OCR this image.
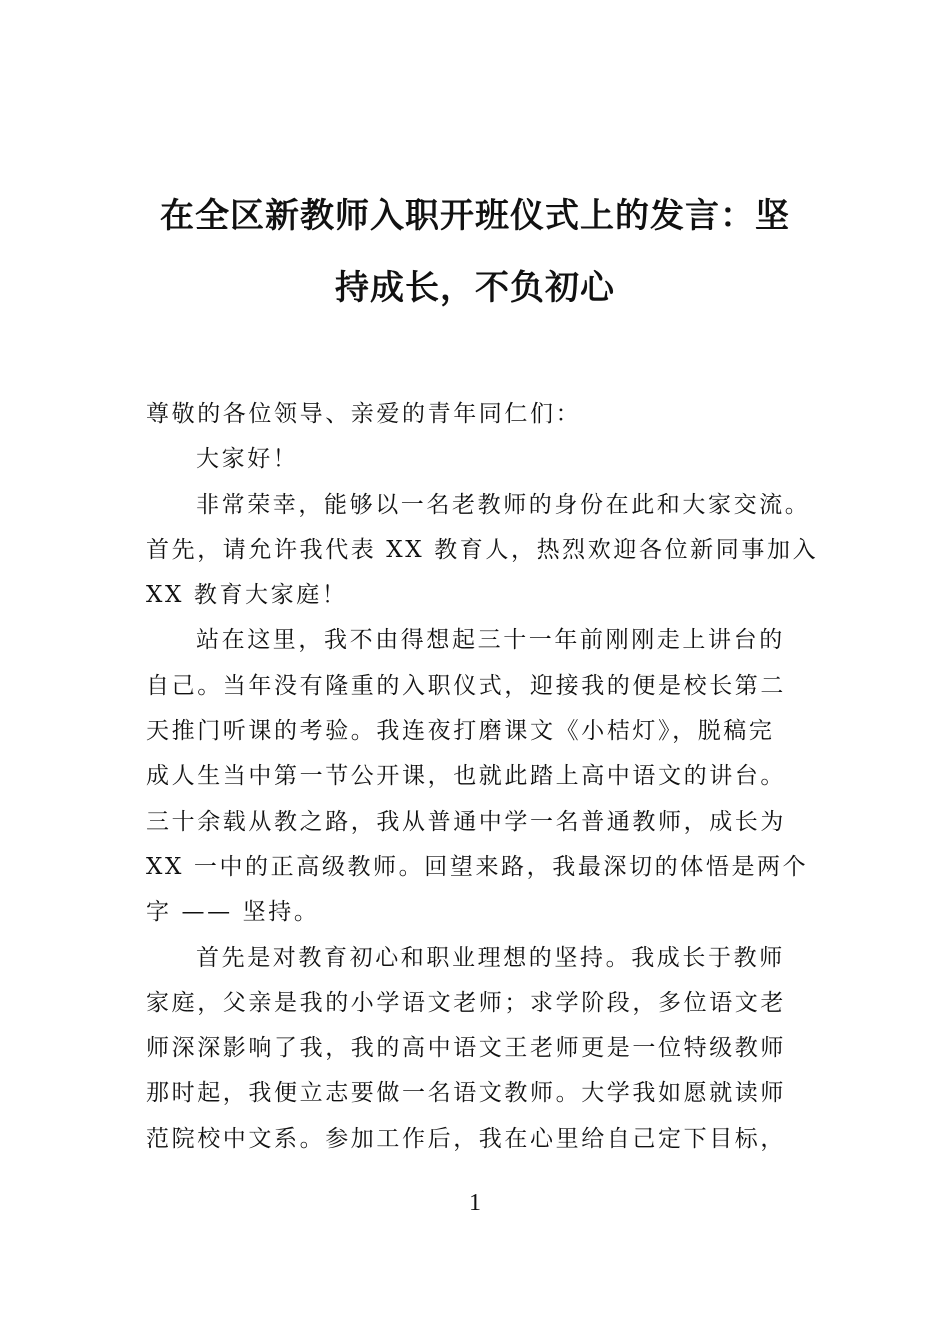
在全区新教师入职开班仪式上的发言：坚
持成长，不负初心
尊敬的各位领导、亲爱的青年同仁们：
大家好！
非常荣幸，能够以一名老教师的身份在此和大家交流。
首先，请允许我代表 XX 教育人，热烈欢迎各位新同事加入
XX 教育大家庭！
站在这里，我不由得想起三十一年前刚刚走上讲台的
自己。当年没有隆重的入职仪式，迎接我的便是校长第二
天推门听课的考验。我连夜打磨课文《小桔灯》，脱稿完
成人生当中第一节公开课，也就此踏上高中语文的讲台。
三十余载从教之路，我从普通中学一名普通教师，成长为
XX 一中的正高级教师。回望来路，我最深切的体悟是两个
字 —— 坚持。
首先是对教育初心和职业理想的坚持。我成长于教师
家庭，父亲是我的小学语文老师；求学阶段，多位语文老
师深深影响了我，我的高中语文王老师更是一位特级教师
那时起，我便立志要做一名语文教师。大学我如愿就读师
范院校中文系。参加工作后，我在心里给自己定下目标，
1
